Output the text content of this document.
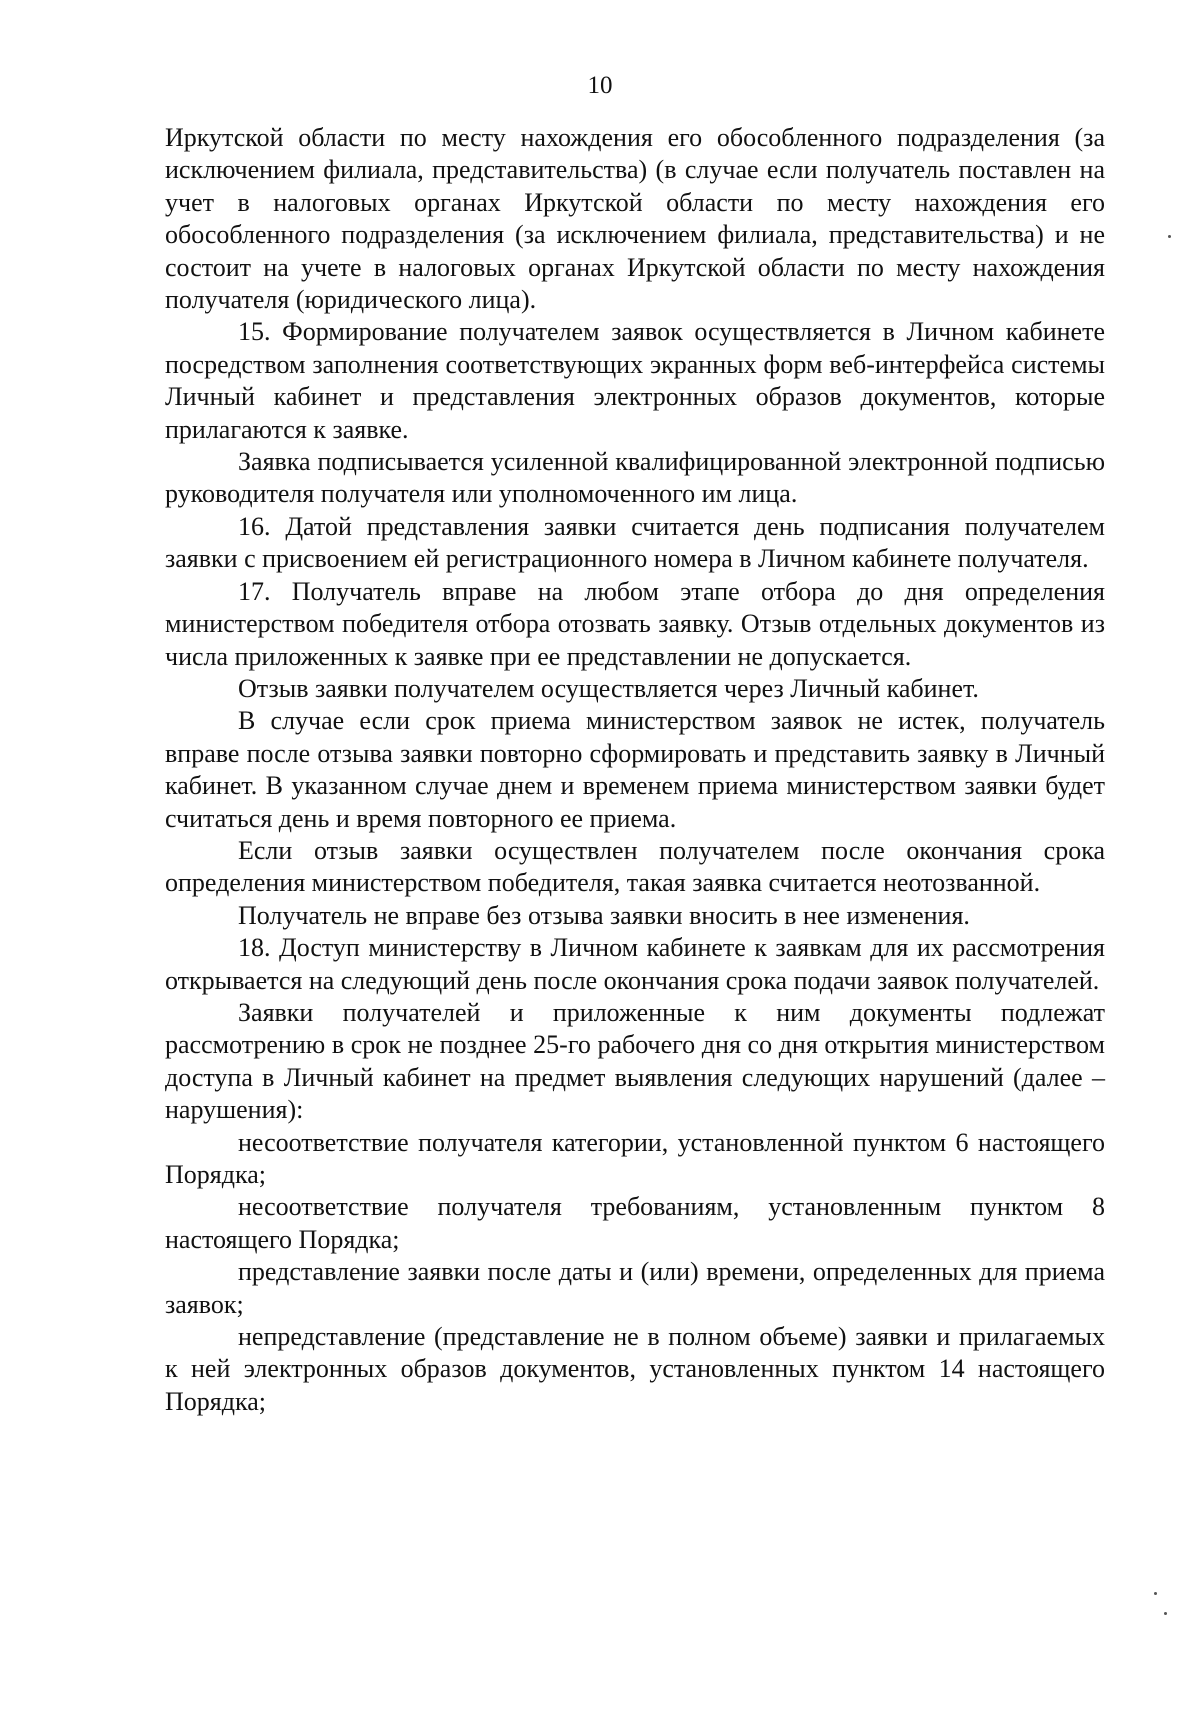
10

Иркутской области по месту нахождения его обособленного подразделения (за исключением филиала, представительства) (в случае если получатель поставлен на учет в налоговых органах Иркутской области по месту нахождения его обособленного подразделения (за исключением филиала, представительства) и не состоит на учете в налоговых органах Иркутской области по месту нахождения получателя (юридического лица).

15. Формирование получателем заявок осуществляется в Личном кабинете посредством заполнения соответствующих экранных форм веб-интерфейса системы Личный кабинет и представления электронных образов документов, которые прилагаются к заявке.

Заявка подписывается усиленной квалифицированной электронной подписью руководителя получателя или уполномоченного им лица.

16. Датой представления заявки считается день подписания получателем заявки с присвоением ей регистрационного номера в Личном кабинете получателя.

17. Получатель вправе на любом этапе отбора до дня определения министерством победителя отбора отозвать заявку. Отзыв отдельных документов из числа приложенных к заявке при ее представлении не допускается.

Отзыв заявки получателем осуществляется через Личный кабинет.

В случае если срок приема министерством заявок не истек, получатель вправе после отзыва заявки повторно сформировать и представить заявку в Личный кабинет. В указанном случае днем и временем приема министерством заявки будет считаться день и время повторного ее приема.

Если отзыв заявки осуществлен получателем после окончания срока определения министерством победителя, такая заявка считается неотозванной.

Получатель не вправе без отзыва заявки вносить в нее изменения.

18. Доступ министерству в Личном кабинете к заявкам для их рассмотрения открывается на следующий день после окончания срока подачи заявок получателей.

Заявки получателей и приложенные к ним документы подлежат рассмотрению в срок не позднее 25-го рабочего дня со дня открытия министерством доступа в Личный кабинет на предмет выявления следующих нарушений (далее – нарушения):

несоответствие получателя категории, установленной пунктом 6 настоящего Порядка;

несоответствие получателя требованиям, установленным пунктом 8 настоящего Порядка;

представление заявки после даты и (или) времени, определенных для приема заявок;

непредставление (представление не в полном объеме) заявки и прилагаемых к ней электронных образов документов, установленных пунктом 14 настоящего Порядка;
